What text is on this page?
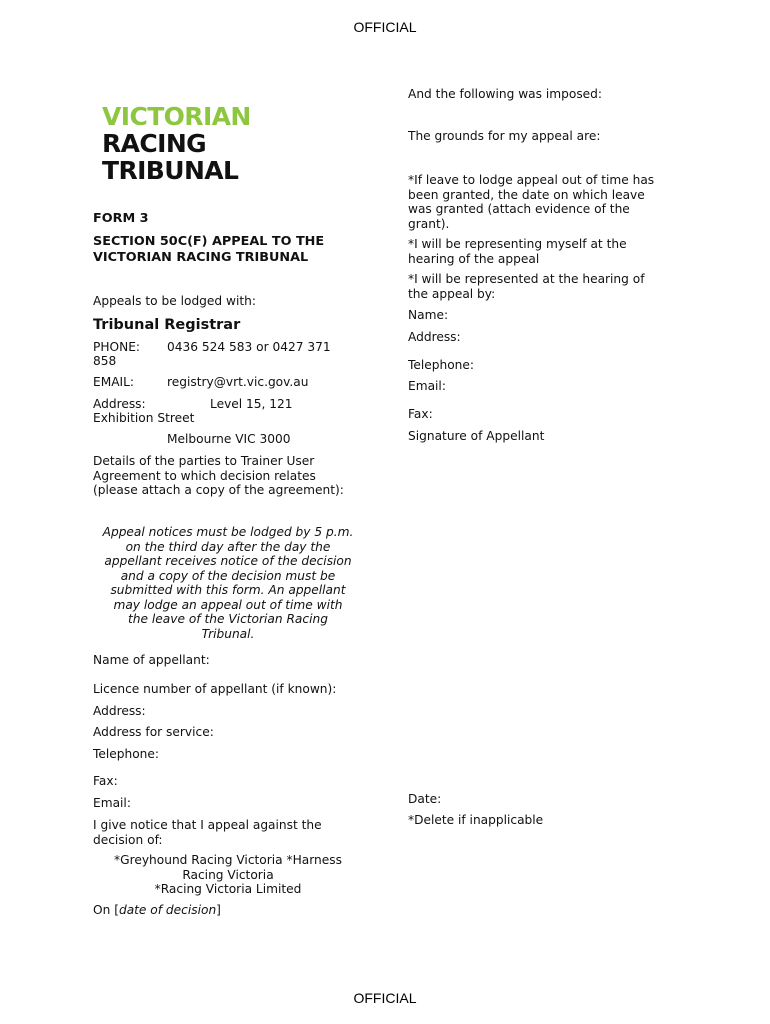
OFFICIAL
VICTORIAN
RACING
TRIBUNAL
FORM 3
SECTION 50C(F) APPEAL TO THE
VICTORIAN RACING TRIBUNAL
Appeals to be lodged with:
Tribunal Registrar
PHONE: 0436 524 583 or 0427 371
858
EMAIL:	registry@vrt.vic.gov.au
Address:	Level 15, 121
Exhibition Street
Melbourne VIC 3000
Details of the parties to Trainer User
Agreement to which decision relates
(please attach a copy of the agreement):
Appeal notices must be lodged by 5 p.m.
on the third day after the day the
appellant receives notice of the decision
and a copy of the decision must be
submitted with this form. An appellant
may lodge an appeal out of time with
the leave of the Victorian Racing
Tribunal.
Name of appellant:
Licence number of appellant (if known):
Address:
Address for service:
Telephone:
Fax:
Email:
I give notice that I appeal against the
decision of:
*Greyhound Racing Victoria *Harness
Racing Victoria
*Racing Victoria Limited
On [date of decision]
And the following was imposed:
The grounds for my appeal are:
*If leave to lodge appeal out of time has
been granted, the date on which leave
was granted (attach evidence of the
grant).
*I will be representing myself at the
hearing of the appeal
*I will be represented at the hearing of
the appeal by:
Name:
Address:
Telephone:
Email:
Fax:
Signature of Appellant
Date:
*Delete if inapplicable
OFFICIAL
